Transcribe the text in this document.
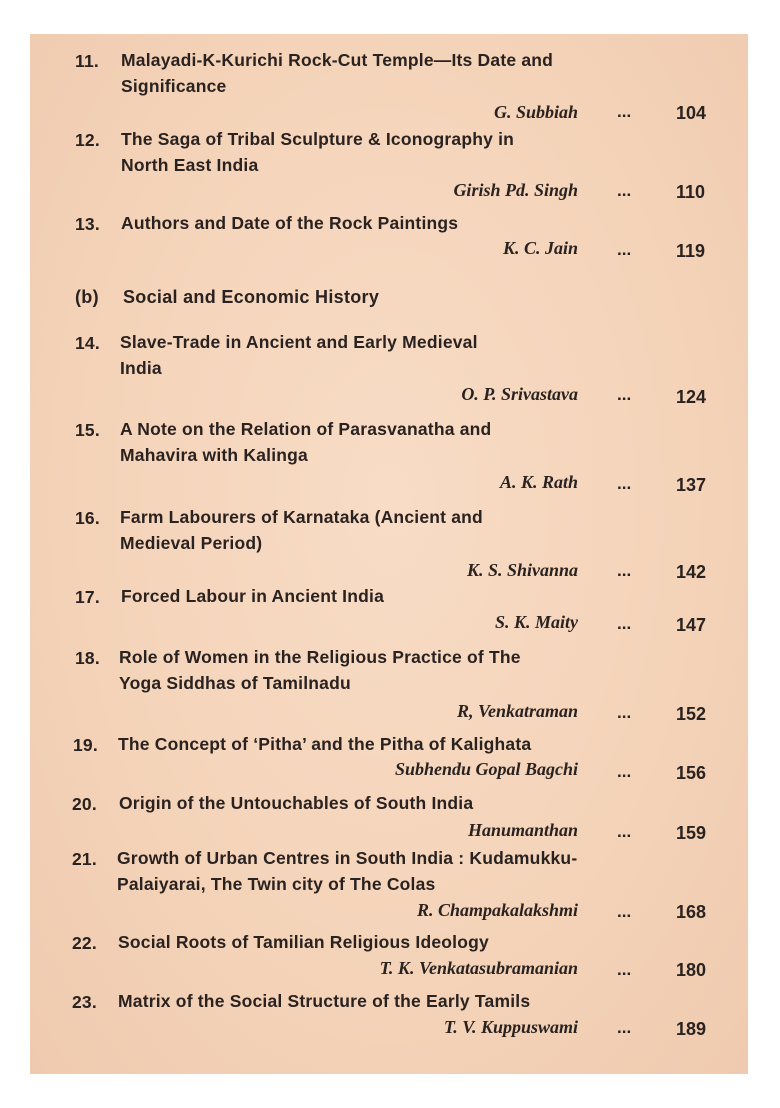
11. Malayadi-K-Kurichi Rock-Cut Temple—Its Date and
Significance
G. Subbiah ... 104
12. The Saga of Tribal Sculpture & Iconography in
North East India
Girish Pd. Singh ... 110
13. Authors and Date of the Rock Paintings
K. C. Jain ... 119
(b) Social and Economic History
14. Slave-Trade in Ancient and Early Medieval
India
O. P. Srivastava ... 124
15. A Note on the Relation of Parasvanatha and
Mahavira with Kalinga
A. K. Rath ... 137
16. Farm Labourers of Karnataka (Ancient and
Medieval Period)
K. S. Shivanna ... 142
17. Forced Labour in Ancient India
S. K. Maity ... 147
18. Role of Women in the Religious Practice of The
Yoga Siddhas of Tamilnadu
R, Venkatraman ... 152
19. The Concept of ‘Pitha’ and the Pitha of Kalighata
Subhendu Gopal Bagchi ... 156
20. Origin of the Untouchables of South India
Hanumanthan ... 159
21. Growth of Urban Centres in South India : Kudamukku-
Palaiyarai, The Twin city of The Colas
R. Champakalakshmi ... 168
22. Social Roots of Tamilian Religious Ideology
T. K. Venkatasubramanian ... 180
23. Matrix of the Social Structure of the Early Tamils
T. V. Kuppuswami ... 189
